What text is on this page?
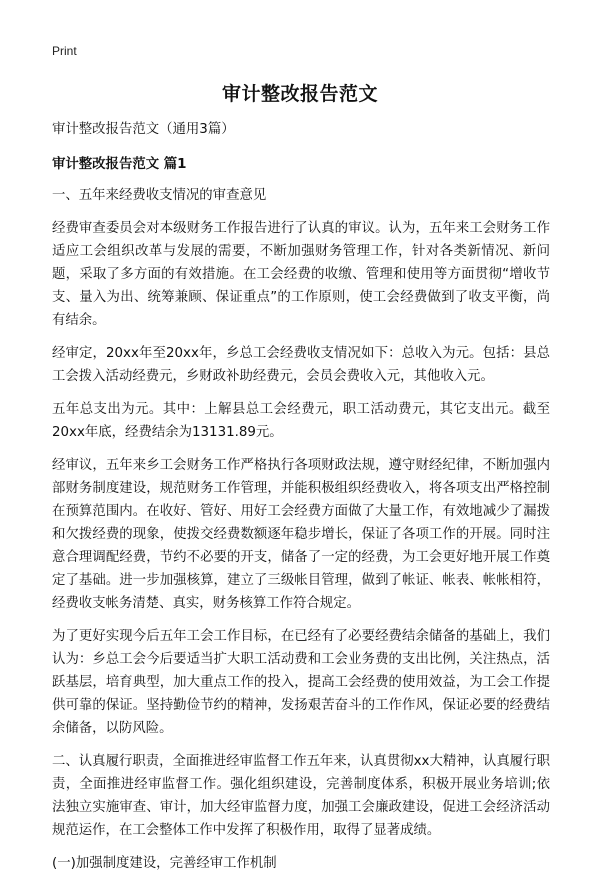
Print
审计整改报告范文

审计整改报告范文（通用3篇）

审计整改报告范文 篇1

一、五年来经费收支情况的审查意见

经费审查委员会对本级财务工作报告进行了认真的审议。认为，五年来工会财务工作适应工会组织改革与发展的需要，不断加强财务管理工作，针对各类新情况、新问题，采取了多方面的有效措施。在工会经费的收缴、管理和使用等方面贯彻“增收节支、量入为出、统筹兼顾、保证重点”的工作原则，使工会经费做到了收支平衡，尚有结余。

经审定，20xx年至20xx年，乡总工会经费收支情况如下：总收入为元。包括：县总工会拨入活动经费元，乡财政补助经费元，会员会费收入元，其他收入元。

五年总支出为元。其中：上解县总工会经费元，职工活动费元，其它支出元。截至20xx年底，经费结余为13131.89元。

经审议，五年来乡工会财务工作严格执行各项财政法规，遵守财经纪律，不断加强内部财务制度建设，规范财务工作管理，并能积极组织经费收入，将各项支出严格控制在预算范围内。在收好、管好、用好工会经费方面做了大量工作，有效地减少了漏拨和欠拨经费的现象，使拨交经费数额逐年稳步增长，保证了各项工作的开展。同时注意合理调配经费，节约不必要的开支，储备了一定的经费，为工会更好地开展工作奠定了基础。进一步加强核算，建立了三级帐目管理，做到了帐证、帐表、帐帐相符，经费收支帐务清楚、真实，财务核算工作符合规定。

为了更好实现今后五年工会工作目标，在已经有了必要经费结余储备的基础上，我们认为：乡总工会今后要适当扩大职工活动费和工会业务费的支出比例，关注热点，活跃基层，培育典型，加大重点工作的投入，提高工会经费的使用效益，为工会工作提供可靠的保证。坚持勤俭节约的精神，发扬艰苦奋斗的工作作风，保证必要的经费结余储备，以防风险。

二、认真履行职责，全面推进经审监督工作五年来，认真贯彻xx大精神，认真履行职责，全面推进经审监督工作。强化组织建设，完善制度体系，积极开展业务培训;依法独立实施审查、审计，加大经审监督力度，加强工会廉政建设，促进工会经济活动规范运作，在工会整体工作中发挥了积极作用，取得了显著成绩。

(一)加强制度建设，完善经审工作机制
